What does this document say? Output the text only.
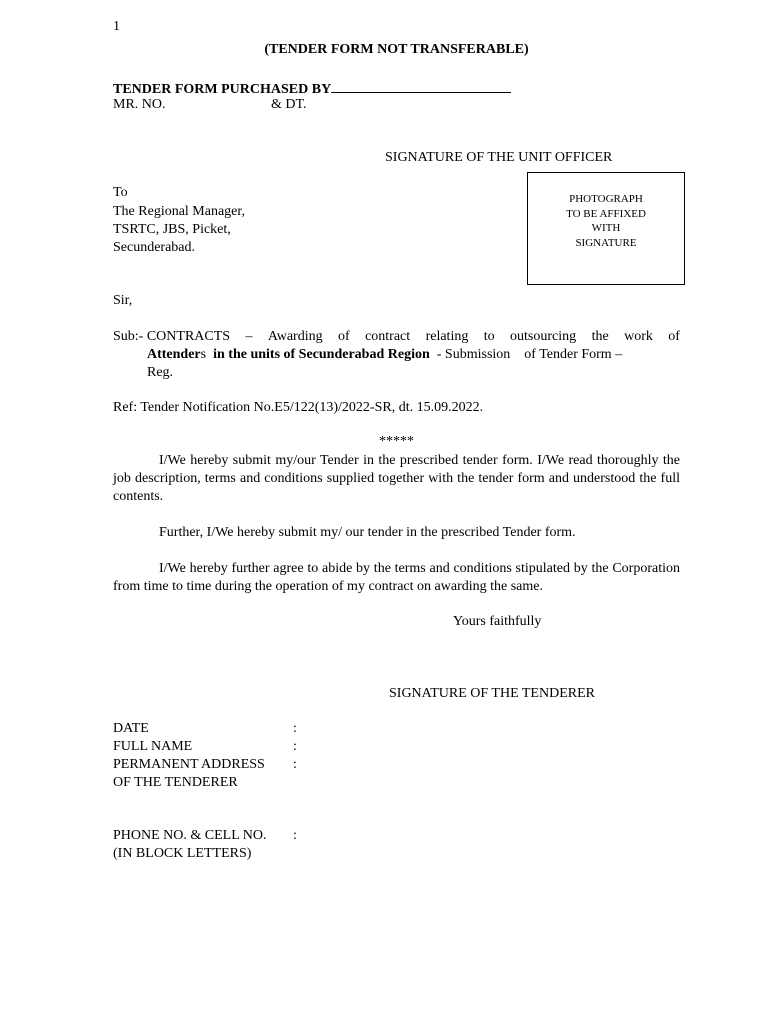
1
(TENDER FORM NOT TRANSFERABLE)
TENDER FORM PURCHASED BY
MR. NO.	& DT.
SIGNATURE OF THE UNIT OFFICER
To
The Regional Manager,
TSRTC, JBS, Picket,
Secunderabad.
PHOTOGRAPH
TO BE AFFIXED
WITH
SIGNATURE
Sir,
Sub:- CONTRACTS – Awarding of contract relating to outsourcing the work of
Attenders in the units of Secunderabad Region - Submission of Tender Form –
Reg.
Ref: Tender Notification No.E5/122(13)/2022-SR, dt. 15.09.2022.
*****
I/We hereby submit my/our Tender in the prescribed tender form. I/We read thoroughly the job description, terms and conditions supplied together with the tender form and understood the full contents.
Further, I/We hereby submit my/ our tender in the prescribed Tender form.
I/We hereby further agree to abide by the terms and conditions stipulated by the Corporation from time to time during the operation of my contract on awarding the same.
Yours faithfully
SIGNATURE OF THE TENDERER
DATE	:
FULL NAME	:
PERMANENT ADDRESS :
OF THE TENDERER
PHONE NO. & CELL NO. :
(IN BLOCK LETTERS)
